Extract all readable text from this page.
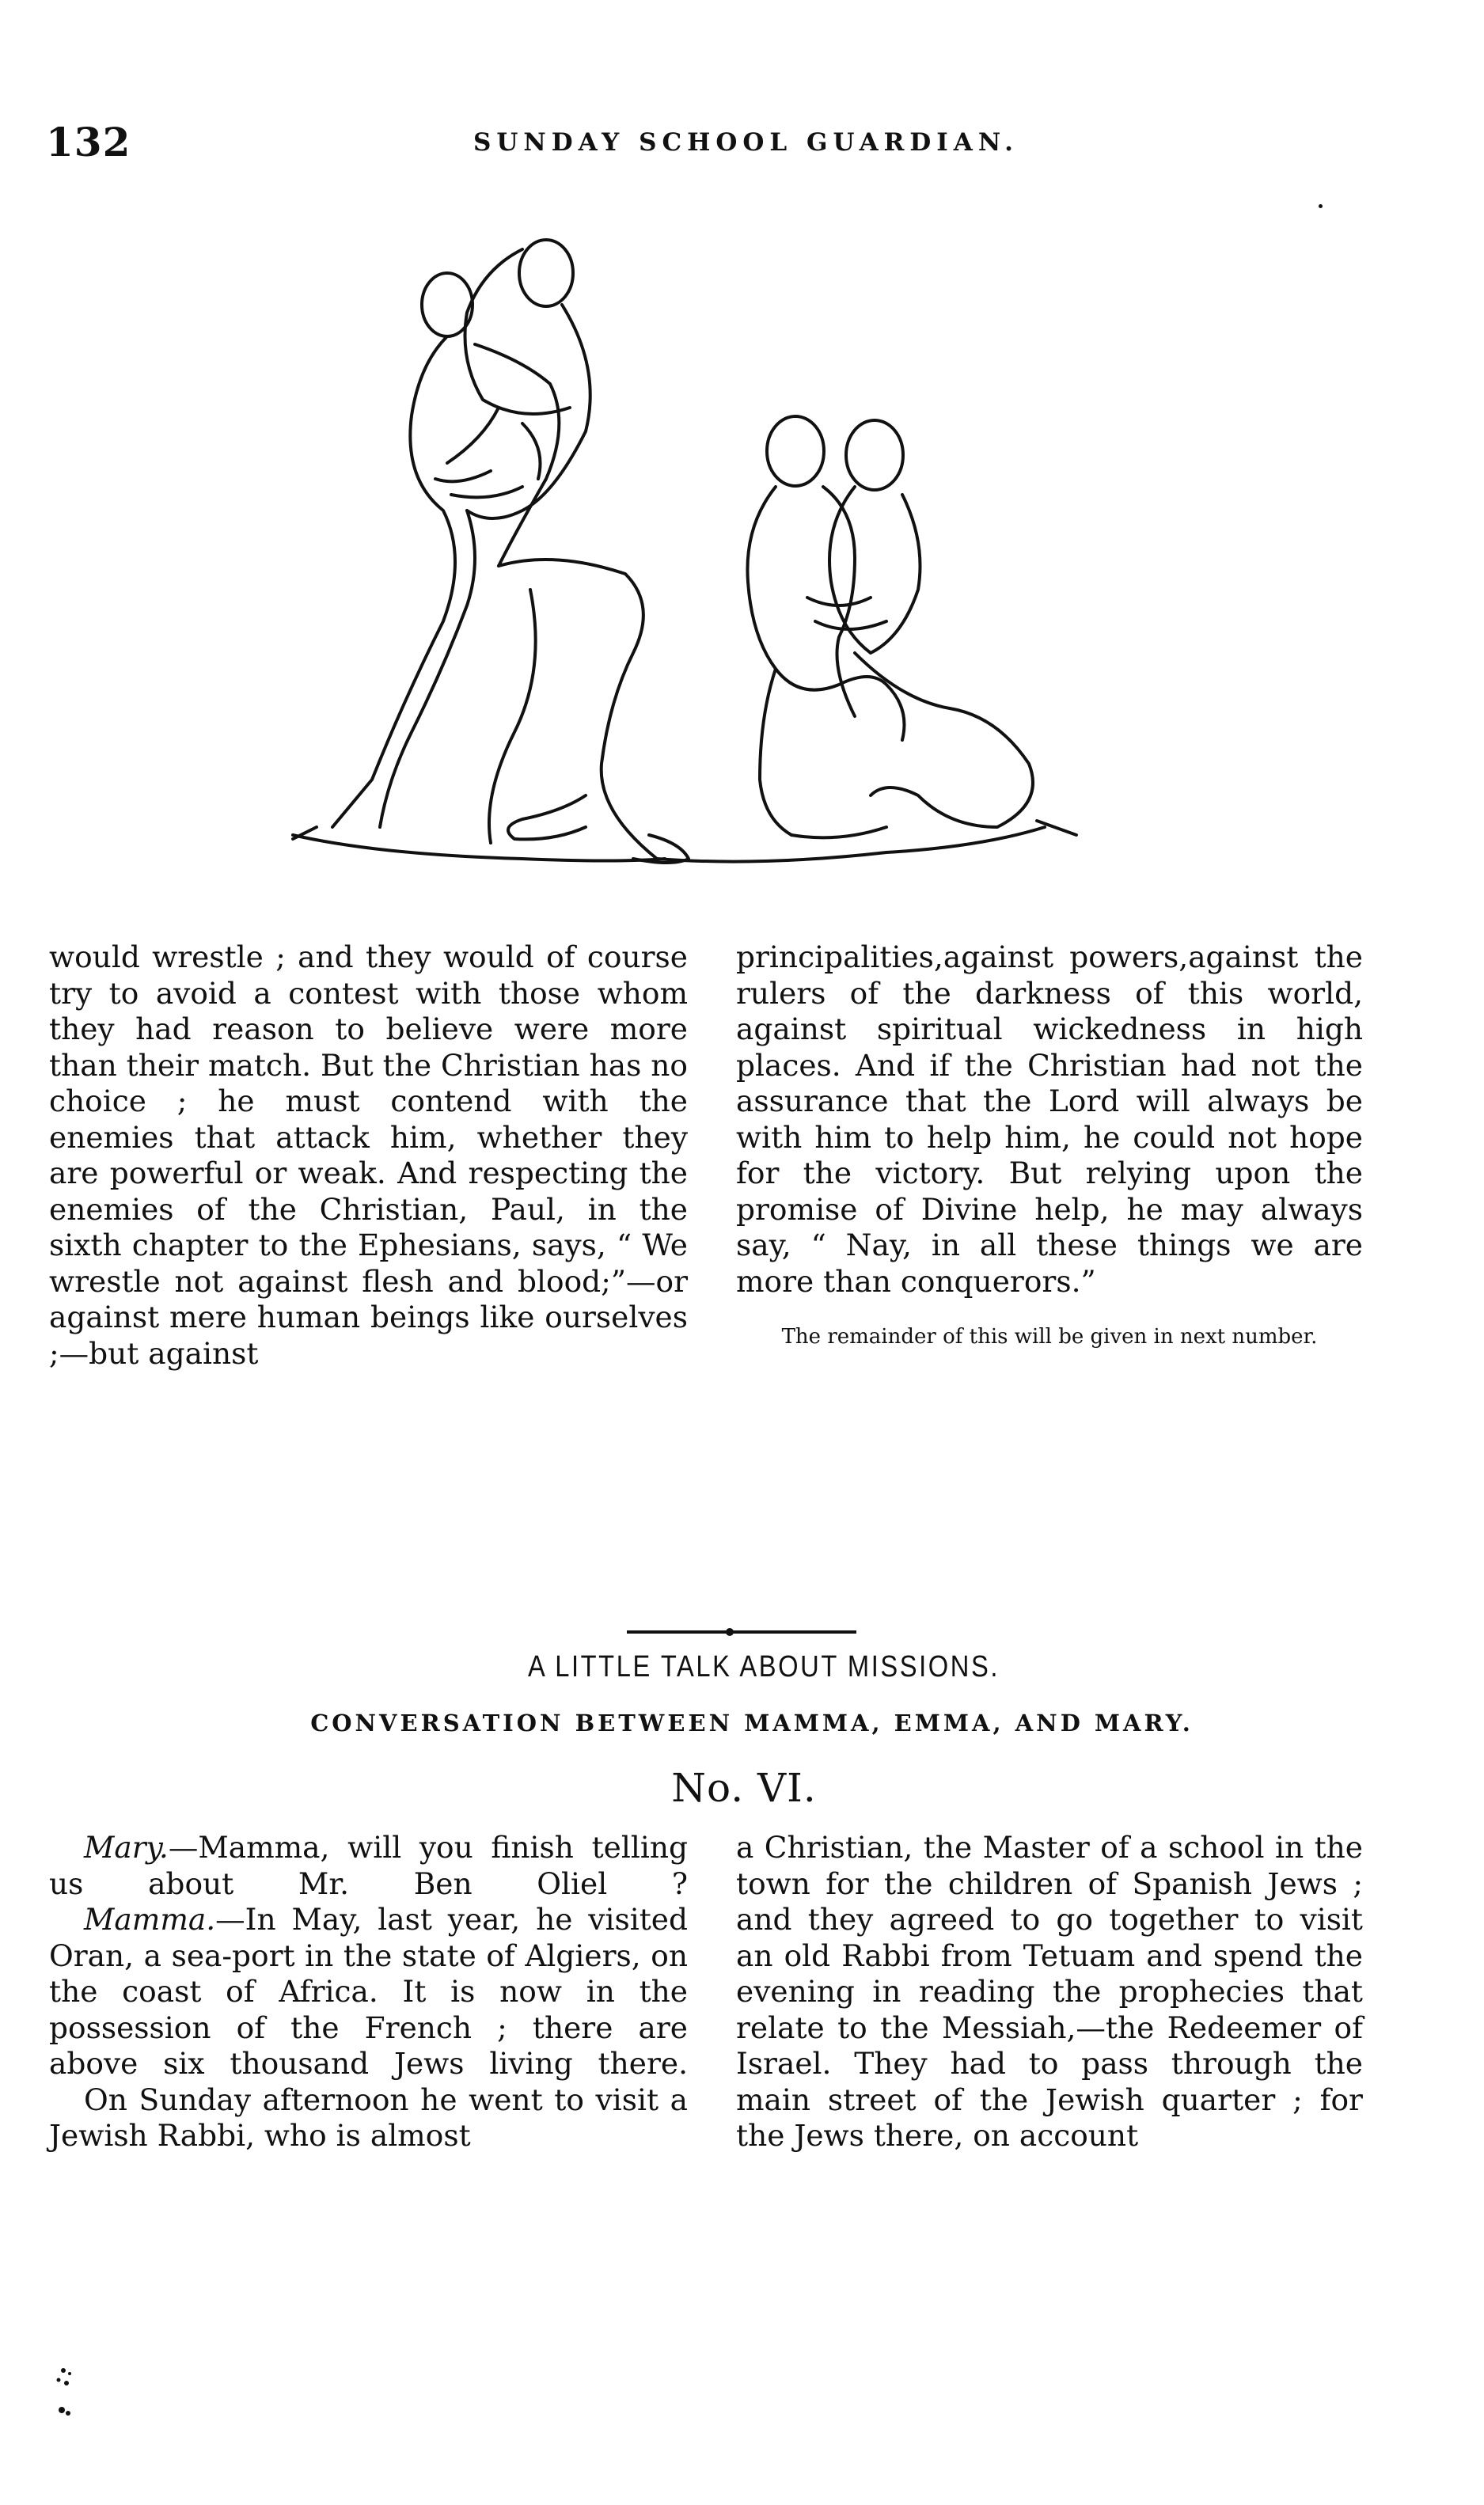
132	SUNDAY SCHOOL GUARDIAN.

would wrestle ; and they would of course try to avoid a contest with those whom they had reason to believe were more than their match. But the Christian has no choice ; he must contend with the enemies that attack him, whether they are powerful or weak. And respecting the enemies of the Christian, Paul, in the sixth chapter to the Ephesians, says, “ We wrestle not against flesh and blood;”—or against mere human beings like ourselves ;—but against

principalities,against powers,against the rulers of the darkness of this world, against spiritual wickedness in high places. And if the Christian had not the assurance that the Lord will always be with him to help him, he could not hope for the victory. But relying upon the promise of Divine help, he may always say, “ Nay, in all these things we are more than conquerors.”

The remainder of this will be given in next number.

A LITTLE TALK ABOUT MISSIONS.
CONVERSATION BETWEEN MAMMA, EMMA, AND MARY.
No. VI.

Mary.—Mamma, will you finish telling us about Mr. Ben Oliel ?

Mamma.—In May, last year, he visited Oran, a sea-port in the state of Algiers, on the coast of Africa. It is now in the possession of the French ; there are above six thousand Jews living there.

On Sunday afternoon he went to visit a Jewish Rabbi, who is almost

a Christian, the Master of a school in the town for the children of Spanish Jews ; and they agreed to go together to visit an old Rabbi from Tetuam and spend the evening in reading the prophecies that relate to the Messiah,—the Redeemer of Israel. They had to pass through the main street of the Jewish quarter ; for the Jews there, on account
